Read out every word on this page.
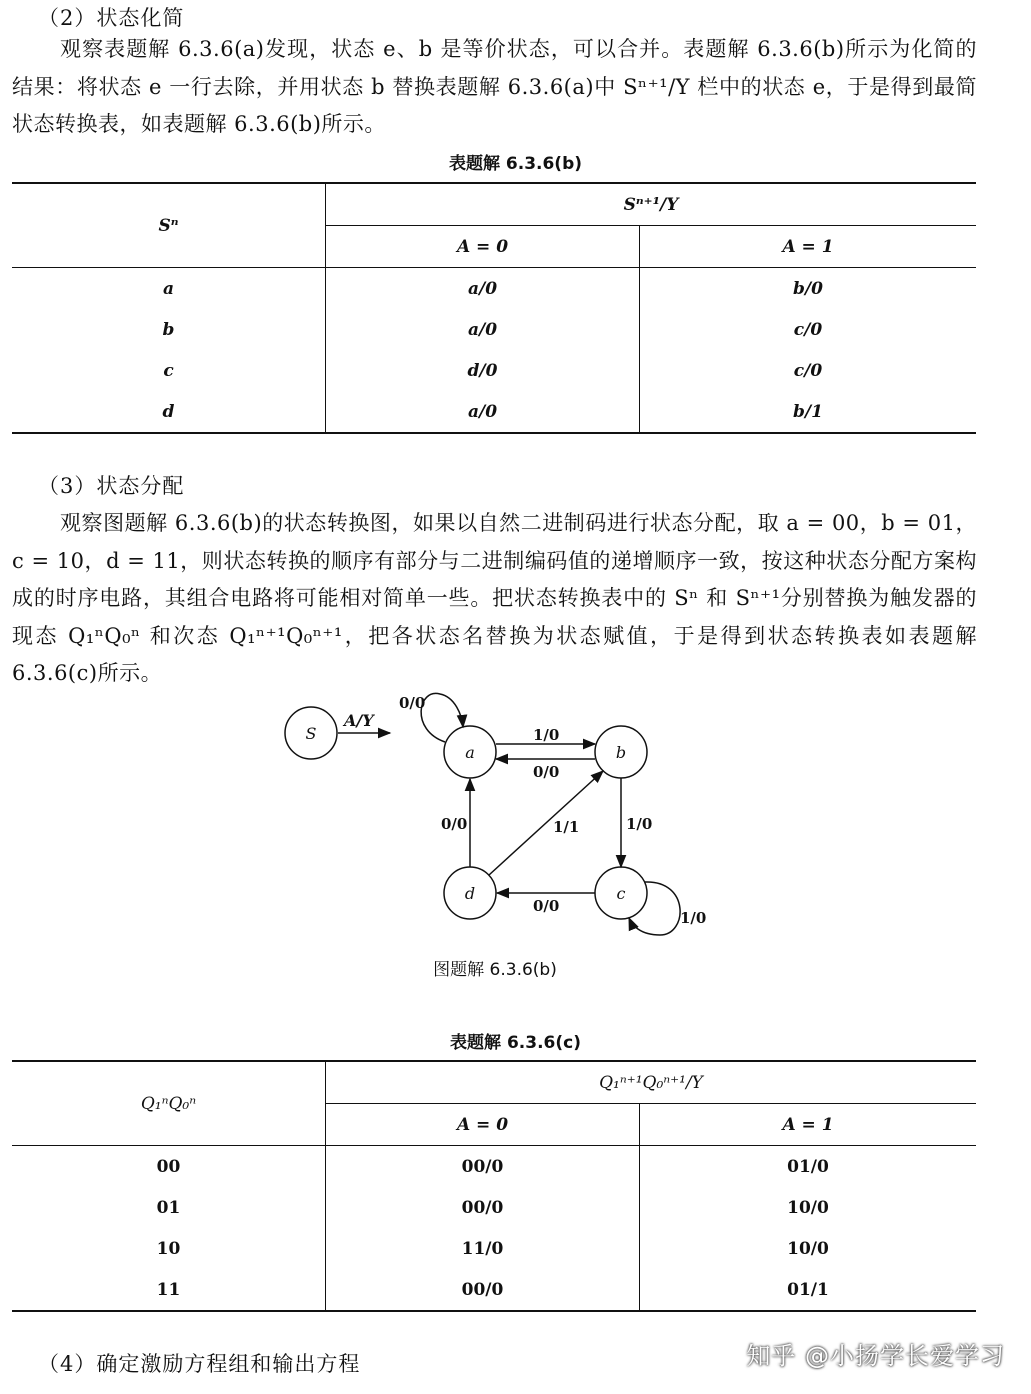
（2）状态化简
观察表题解 6.3.6(a)发现，状态 e、b 是等价状态，可以合并。表题解 6.3.6(b)所示为化简的结果：将状态 e 一行去除，并用状态 b 替换表题解 6.3.6(a)中 Sⁿ⁺¹/Y 栏中的状态 e，于是得到最简状态转换表，如表题解 6.3.6(b)所示。
表题解 6.3.6(b)
Sⁿ	Sⁿ⁺¹/Y	
	A = 0	A = 1
a	a/0	b/0
b	a/0	c/0
c	d/0	c/0
d	a/0	b/1
（3）状态分配
观察图题解 6.3.6(b)的状态转换图，如果以自然二进制码进行状态分配，取 a = 00，b = 01，c = 10，d = 11，则状态转换的顺序有部分与二进制编码值的递增顺序一致，按这种状态分配方案构成的时序电路，其组合电路将可能相对简单一些。把状态转换表中的 Sⁿ 和 Sⁿ⁺¹分别替换为触发器的现态 Q₁ⁿQ₀ⁿ 和次态 Q₁ⁿ⁺¹Q₀ⁿ⁺¹，把各状态名替换为状态赋值，于是得到状态转换表如表题解 6.3.6(c)所示。
S
A/Y
a	b
c
d
0/0
1/0
0/0
1/0
0/0
1/0
0/0	1/1
图题解 6.3.6(b)
表题解 6.3.6(c)
Q₁ⁿQ₀ⁿ	Q₁ⁿ⁺¹Q₀ⁿ⁺¹/Y	
	A = 0	A = 1
00	00/0	01/0
01	00/0	10/0
10	11/0	10/0
11	00/0	01/1
（4）确定激励方程组和输出方程	知乎 @小扬学长爱学习
